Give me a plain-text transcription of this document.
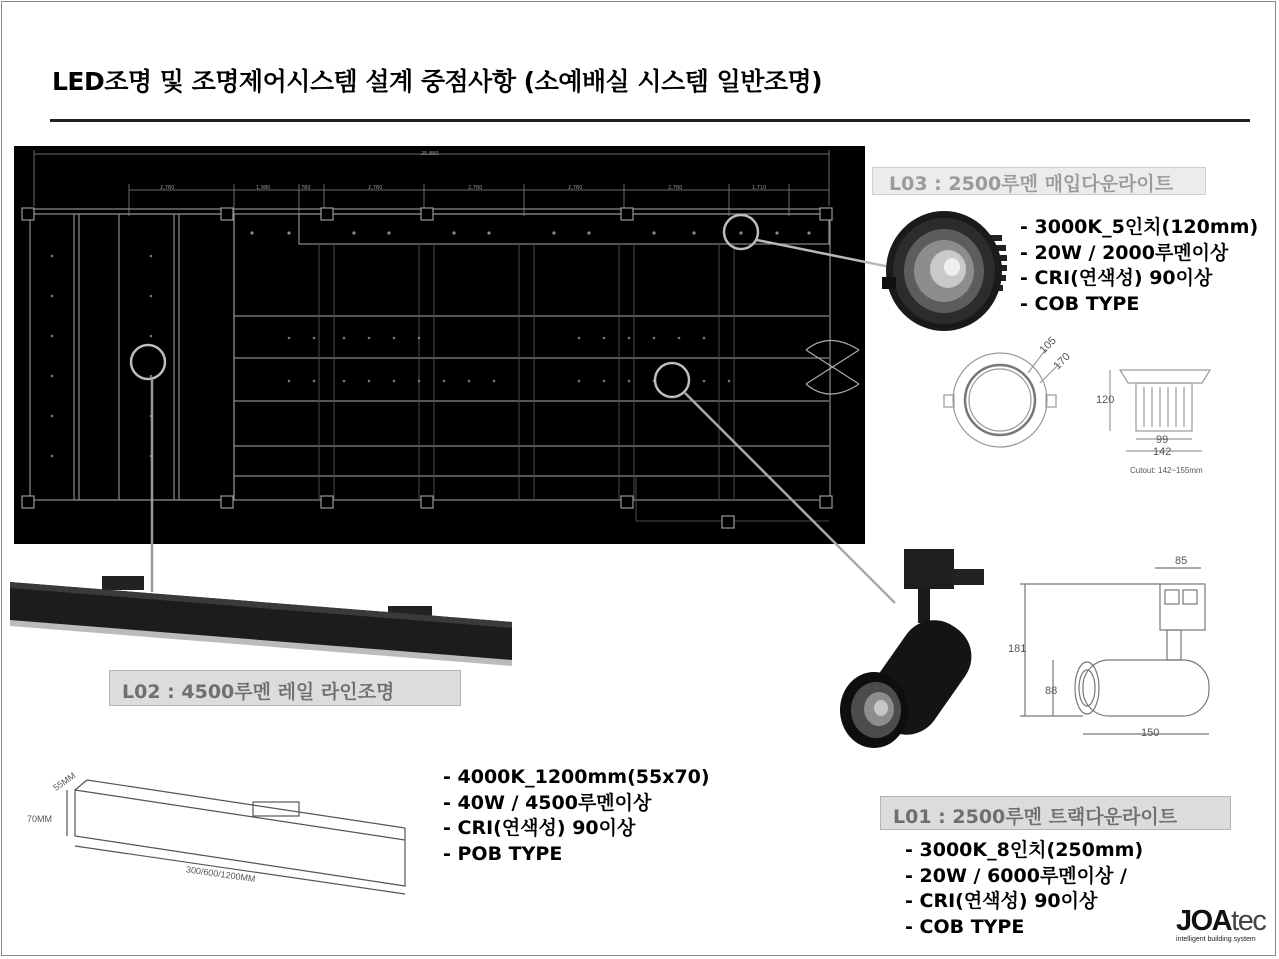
LED조명 및 조명제어시스템 설계 중점사항 (소예배실 시스템 일반조명)
25,880
2,760	1,980	780	2,760	2,760	2,760	2,760	1,710
105
170
120
99
142
Cutout: 142~155mm
L03 : 2500루멘 매입다운라이트
- 3000K_5인치(120mm)
- 20W / 2000루멘이상
- CRI(연색성) 90이상
- COB TYPE
L02 : 4500루멘 레일 라인조명
55MM
70MM
300/600/1200MM
- 4000K_1200mm(55x70)
- 40W / 4500루멘이상
- CRI(연색성) 90이상
- POB TYPE
85
181
88
150
L01 : 2500루멘 트랙다운라이트
- 3000K_8인치(250mm)
- 20W / 6000루멘이상 /
- CRI(연색성) 90이상
- COB TYPE	JOAtec
intelligent building system
